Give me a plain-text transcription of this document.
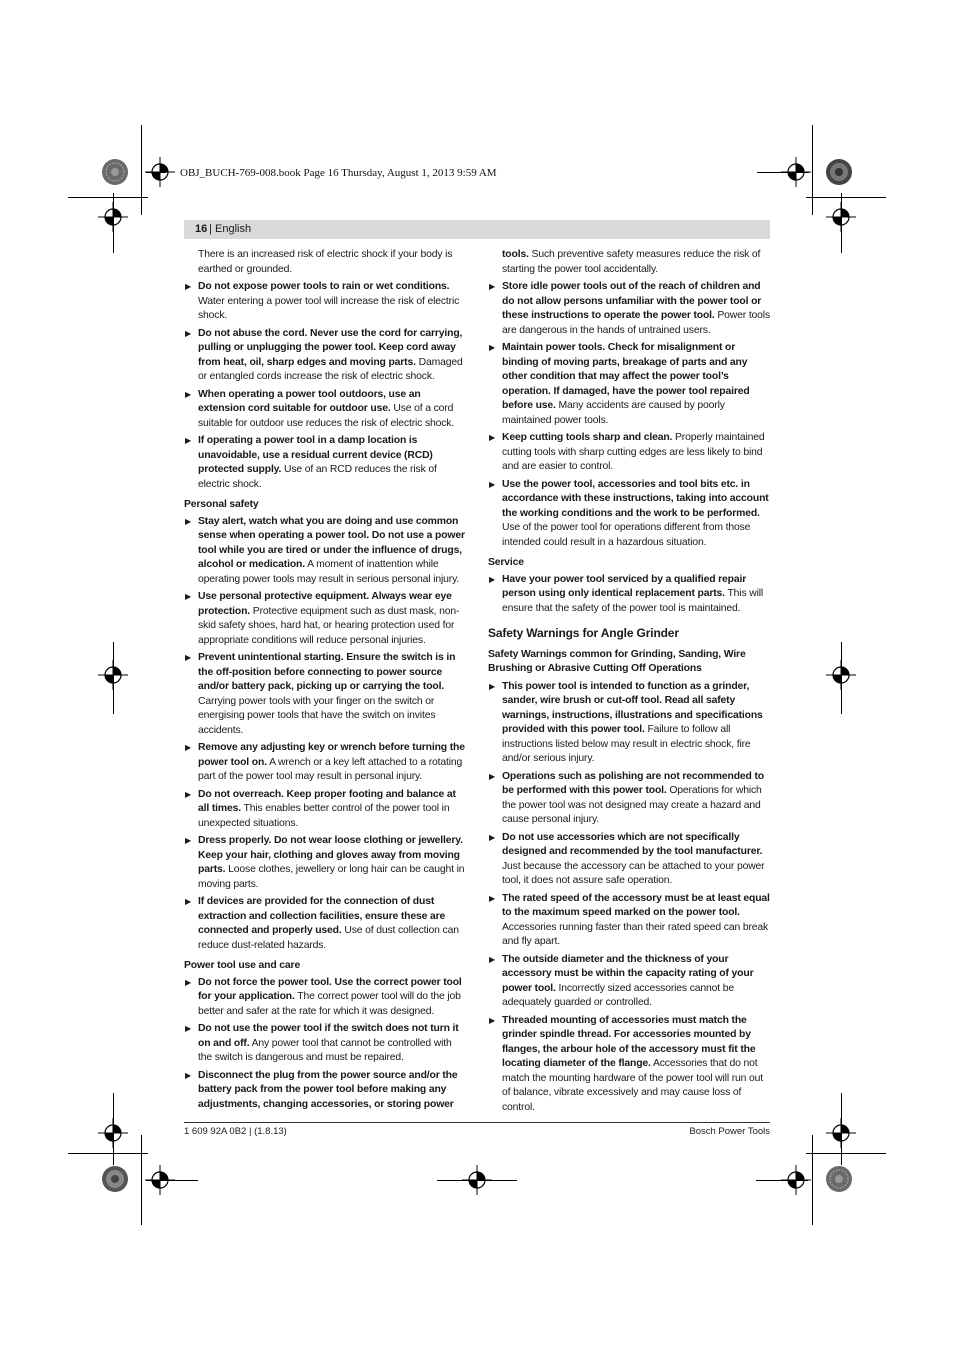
OBJ_BUCH-769-008.book Page 16 Thursday, August 1, 2013 9:59 AM
16 | English

There is an increased risk of electric shock if your body is earthed or grounded.

▶ Do not expose power tools to rain or wet conditions. Water entering a power tool will increase the risk of electric shock.

▶ Do not abuse the cord. Never use the cord for carrying, pulling or unplugging the power tool. Keep cord away from heat, oil, sharp edges and moving parts. Damaged or entangled cords increase the risk of electric shock.

▶ When operating a power tool outdoors, use an extension cord suitable for outdoor use. Use of a cord suitable for outdoor use reduces the risk of electric shock.

▶ If operating a power tool in a damp location is unavoidable, use a residual current device (RCD) protected supply. Use of an RCD reduces the risk of electric shock.

Personal safety

▶ Stay alert, watch what you are doing and use common sense when operating a power tool. Do not use a power tool while you are tired or under the influence of drugs, alcohol or medication. A moment of inattention while operating power tools may result in serious personal injury.

▶ Use personal protective equipment. Always wear eye protection. Protective equipment such as dust mask, non-skid safety shoes, hard hat, or hearing protection used for appropriate conditions will reduce personal injuries.

▶ Prevent unintentional starting. Ensure the switch is in the off-position before connecting to power source and/or battery pack, picking up or carrying the tool. Carrying power tools with your finger on the switch or energising power tools that have the switch on invites accidents.

▶ Remove any adjusting key or wrench before turning the power tool on. A wrench or a key left attached to a rotating part of the power tool may result in personal injury.

▶ Do not overreach. Keep proper footing and balance at all times. This enables better control of the power tool in unexpected situations.

▶ Dress properly. Do not wear loose clothing or jewellery. Keep your hair, clothing and gloves away from moving parts. Loose clothes, jewellery or long hair can be caught in moving parts.

▶ If devices are provided for the connection of dust extraction and collection facilities, ensure these are connected and properly used. Use of dust collection can reduce dust-related hazards.

Power tool use and care

▶ Do not force the power tool. Use the correct power tool for your application. The correct power tool will do the job better and safer at the rate for which it was designed.

▶ Do not use the power tool if the switch does not turn it on and off. Any power tool that cannot be controlled with the switch is dangerous and must be repaired.

▶ Disconnect the plug from the power source and/or the battery pack from the power tool before making any adjustments, changing accessories, or storing power

tools. Such preventive safety measures reduce the risk of starting the power tool accidentally.

▶ Store idle power tools out of the reach of children and do not allow persons unfamiliar with the power tool or these instructions to operate the power tool. Power tools are dangerous in the hands of untrained users.

▶ Maintain power tools. Check for misalignment or binding of moving parts, breakage of parts and any other condition that may affect the power tool’s operation. If damaged, have the power tool repaired before use. Many accidents are caused by poorly maintained power tools.

▶ Keep cutting tools sharp and clean. Properly maintained cutting tools with sharp cutting edges are less likely to bind and are easier to control.

▶ Use the power tool, accessories and tool bits etc. in accordance with these instructions, taking into account the working conditions and the work to be performed. Use of the power tool for operations different from those intended could result in a hazardous situation.

Service

▶ Have your power tool serviced by a qualified repair person using only identical replacement parts. This will ensure that the safety of the power tool is maintained.

Safety Warnings for Angle Grinder
Safety Warnings common for Grinding, Sanding, Wire Brushing or Abrasive Cutting Off Operations

▶ This power tool is intended to function as a grinder, sander, wire brush or cut-off tool. Read all safety warnings, instructions, illustrations and specifications provided with this power tool. Failure to follow all instructions listed below may result in electric shock, fire and/or serious injury.

▶ Operations such as polishing are not recommended to be performed with this power tool. Operations for which the power tool was not designed may create a hazard and cause personal injury.

▶ Do not use accessories which are not specifically designed and recommended by the tool manufacturer. Just because the accessory can be attached to your power tool, it does not assure safe operation.

▶ The rated speed of the accessory must be at least equal to the maximum speed marked on the power tool. Accessories running faster than their rated speed can break and fly apart.

▶ The outside diameter and the thickness of your accessory must be within the capacity rating of your power tool. Incorrectly sized accessories cannot be adequately guarded or controlled.

▶ Threaded mounting of accessories must match the grinder spindle thread. For accessories mounted by flanges, the arbour hole of the accessory must fit the locating diameter of the flange. Accessories that do not match the mounting hardware of the power tool will run out of balance, vibrate excessively and may cause loss of control.

1 609 92A 0B2 | (1.8.13)	Bosch Power Tools
